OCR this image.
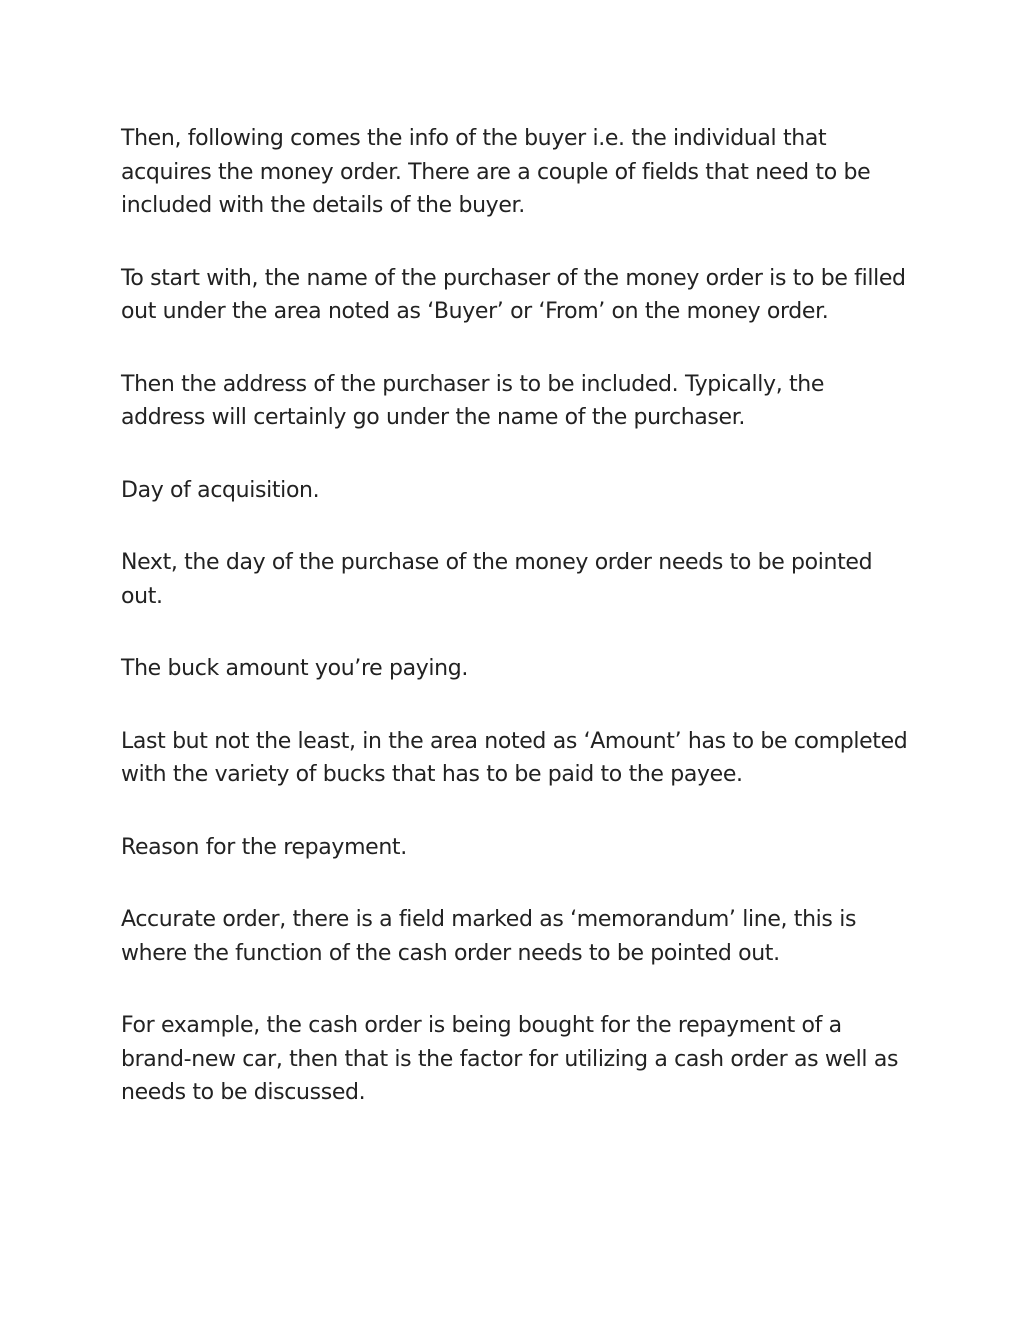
Then, following comes the info of the buyer i.e. the individual that acquires the money order. There are a couple of fields that need to be included with the details of the buyer.

To start with, the name of the purchaser of the money order is to be filled out under the area noted as ‘Buyer’ or ‘From’ on the money order.

Then the address of the purchaser is to be included. Typically, the address will certainly go under the name of the purchaser.

Day of acquisition.

Next, the day of the purchase of the money order needs to be pointed out.

The buck amount you’re paying.

Last but not the least, in the area noted as ‘Amount’ has to be completed with the variety of bucks that has to be paid to the payee.

Reason for the repayment.

Accurate order, there is a field marked as ‘memorandum’ line, this is where the function of the cash order needs to be pointed out.

For example, the cash order is being bought for the repayment of a brand-new car, then that is the factor for utilizing a cash order as well as needs to be discussed.
